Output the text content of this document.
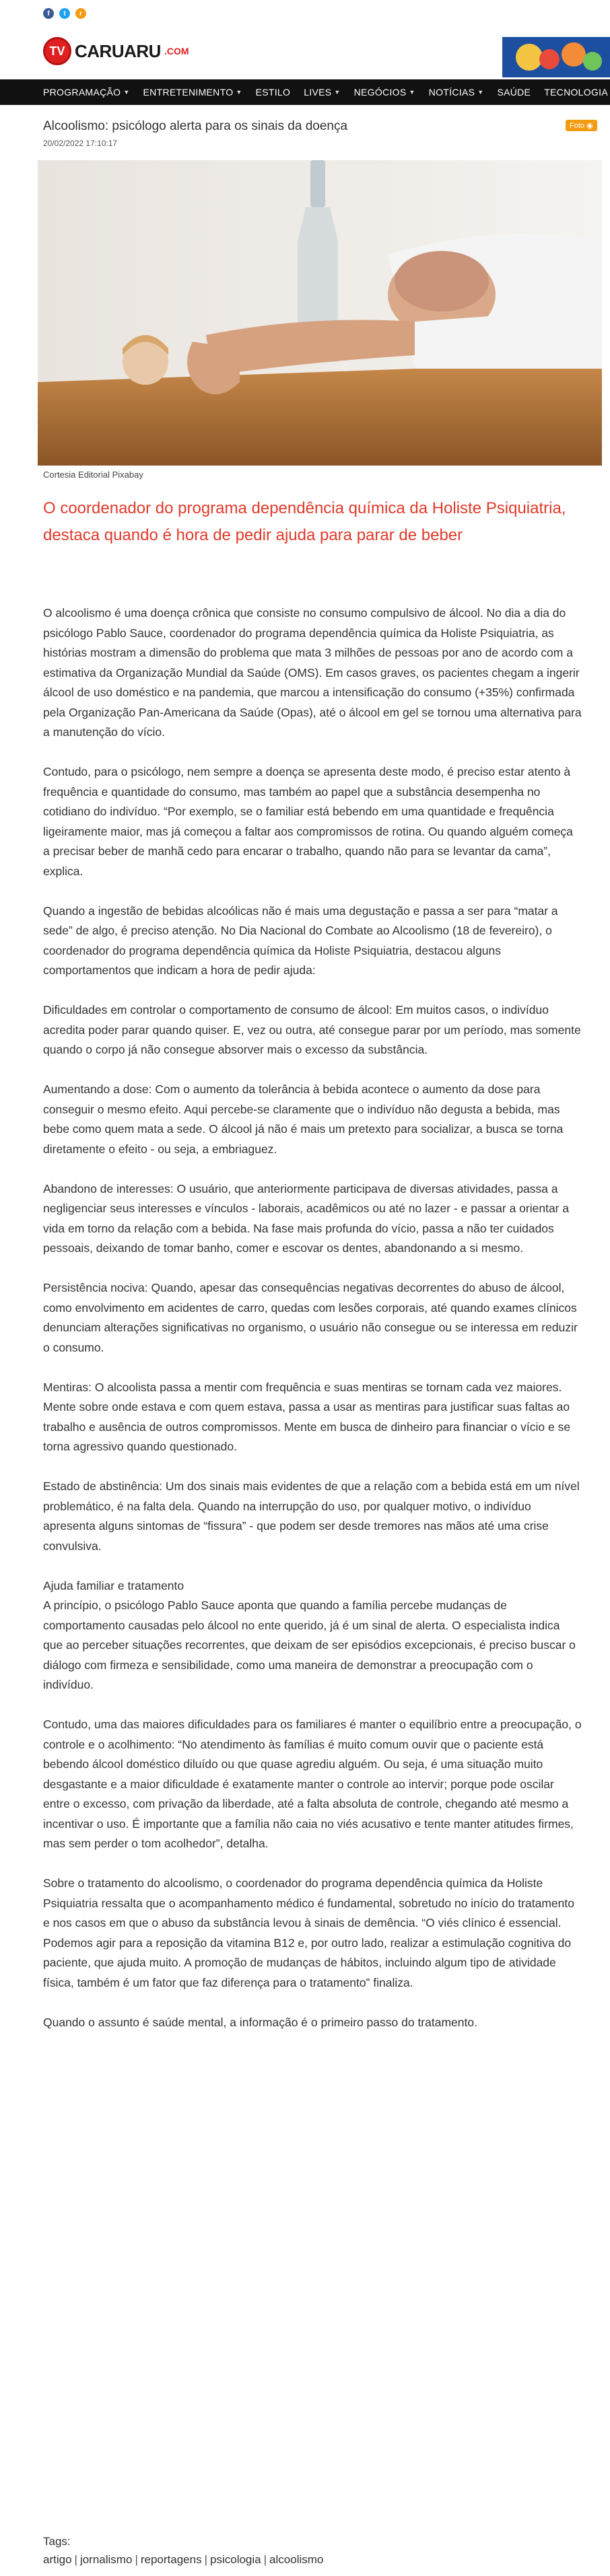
f	t	r
TV CARUARU .COM
PROGRAMAÇÃO ▼ ENTRETENIMENTO ▼ ESTILO LIVES ▼ NEGÓCIOS ▼ NOTÍCIAS ▼ SAÚDE TECNOLOGIA
Alcoolismo: psicólogo alerta para os sinais da doença
20/02/2022 17:10:17
Foto ◉
Cortesia Editorial Pixabay
O coordenador do programa dependência química da Holiste Psiquiatria, destaca quando é hora de pedir ajuda para parar de beber

O alcoolismo é uma doença crônica que consiste no consumo compulsivo de álcool. No dia a dia do psicólogo Pablo Sauce, coordenador do programa dependência química da Holiste Psiquiatria, as histórias mostram a dimensão do problema que mata 3 milhões de pessoas por ano de acordo com a estimativa da Organização Mundial da Saúde (OMS). Em casos graves, os pacientes chegam a ingerir álcool de uso doméstico e na pandemia, que marcou a intensificação do consumo (+35%) confirmada pela Organização Pan-Americana da Saúde (Opas), até o álcool em gel se tornou uma alternativa para a manutenção do vício.

Contudo, para o psicólogo, nem sempre a doença se apresenta deste modo, é preciso estar atento à frequência e quantidade do consumo, mas também ao papel que a substância desempenha no cotidiano do indivíduo. “Por exemplo, se o familiar está bebendo em uma quantidade e frequência ligeiramente maior, mas já começou a faltar aos compromissos de rotina. Ou quando alguém começa a precisar beber de manhã cedo para encarar o trabalho, quando não para se levantar da cama”, explica.

Quando a ingestão de bebidas alcoólicas não é mais uma degustação e passa a ser para “matar a sede” de algo, é preciso atenção. No Dia Nacional do Combate ao Alcoolismo (18 de fevereiro), o coordenador do programa dependência química da Holiste Psiquiatria, destacou alguns comportamentos que indicam a hora de pedir ajuda:

Dificuldades em controlar o comportamento de consumo de álcool: Em muitos casos, o indivíduo acredita poder parar quando quiser. E, vez ou outra, até consegue parar por um período, mas somente quando o corpo já não consegue absorver mais o excesso da substância.

Aumentando a dose: Com o aumento da tolerância à bebida acontece o aumento da dose para conseguir o mesmo efeito. Aqui percebe-se claramente que o indivíduo não degusta a bebida, mas bebe como quem mata a sede. O álcool já não é mais um pretexto para socializar, a busca se torna diretamente o efeito - ou seja, a embriaguez.

Abandono de interesses: O usuário, que anteriormente participava de diversas atividades, passa a negligenciar seus interesses e vínculos - laborais, acadêmicos ou até no lazer - e passar a orientar a vida em torno da relação com a bebida. Na fase mais profunda do vício, passa a não ter cuidados pessoais, deixando de tomar banho, comer e escovar os dentes, abandonando a si mesmo.

Persistência nociva: Quando, apesar das consequências negativas decorrentes do abuso de álcool, como envolvimento em acidentes de carro, quedas com lesões corporais, até quando exames clínicos denunciam alterações significativas no organismo, o usuário não consegue ou se interessa em reduzir o consumo.

Mentiras: O alcoolista passa a mentir com frequência e suas mentiras se tornam cada vez maiores. Mente sobre onde estava e com quem estava, passa a usar as mentiras para justificar suas faltas ao trabalho e ausência de outros compromissos. Mente em busca de dinheiro para financiar o vício e se torna agressivo quando questionado.

Estado de abstinência: Um dos sinais mais evidentes de que a relação com a bebida está em um nível problemático, é na falta dela. Quando na interrupção do uso, por qualquer motivo, o indivíduo apresenta alguns sintomas de “fissura” - que podem ser desde tremores nas mãos até uma crise convulsiva.

Ajuda familiar e tratamento

A princípio, o psicólogo Pablo Sauce aponta que quando a família percebe mudanças de comportamento causadas pelo álcool no ente querido, já é um sinal de alerta. O especialista indica que ao perceber situações recorrentes, que deixam de ser episódios excepcionais, é preciso buscar o diálogo com firmeza e sensibilidade, como uma maneira de demonstrar a preocupação com o indivíduo.

Contudo, uma das maiores dificuldades para os familiares é manter o equilíbrio entre a preocupação, o controle e o acolhimento: “No atendimento às famílias é muito comum ouvir que o paciente está bebendo álcool doméstico diluído ou que quase agrediu alguém. Ou seja, é uma situação muito desgastante e a maior dificuldade é exatamente manter o controle ao intervir; porque pode oscilar entre o excesso, com privação da liberdade, até a falta absoluta de controle, chegando até mesmo a incentivar o uso. É importante que a família não caia no viés acusativo e tente manter atitudes firmes, mas sem perder o tom acolhedor”, detalha.

Sobre o tratamento do alcoolismo, o coordenador do programa dependência química da Holiste Psiquiatria ressalta que o acompanhamento médico é fundamental, sobretudo no início do tratamento e nos casos em que o abuso da substância levou à sinais de demência. “O viés clínico é essencial. Podemos agir para a reposição da vitamina B12 e, por outro lado, realizar a estimulação cognitiva do paciente, que ajuda muito. A promoção de mudanças de hábitos, incluindo algum tipo de atividade física, também é um fator que faz diferença para o tratamento” finaliza.

Quando o assunto é saúde mental, a informação é o primeiro passo do tratamento.

Tags:
artigo | jornalismo | reportagens | psicologia | alcoolismo
